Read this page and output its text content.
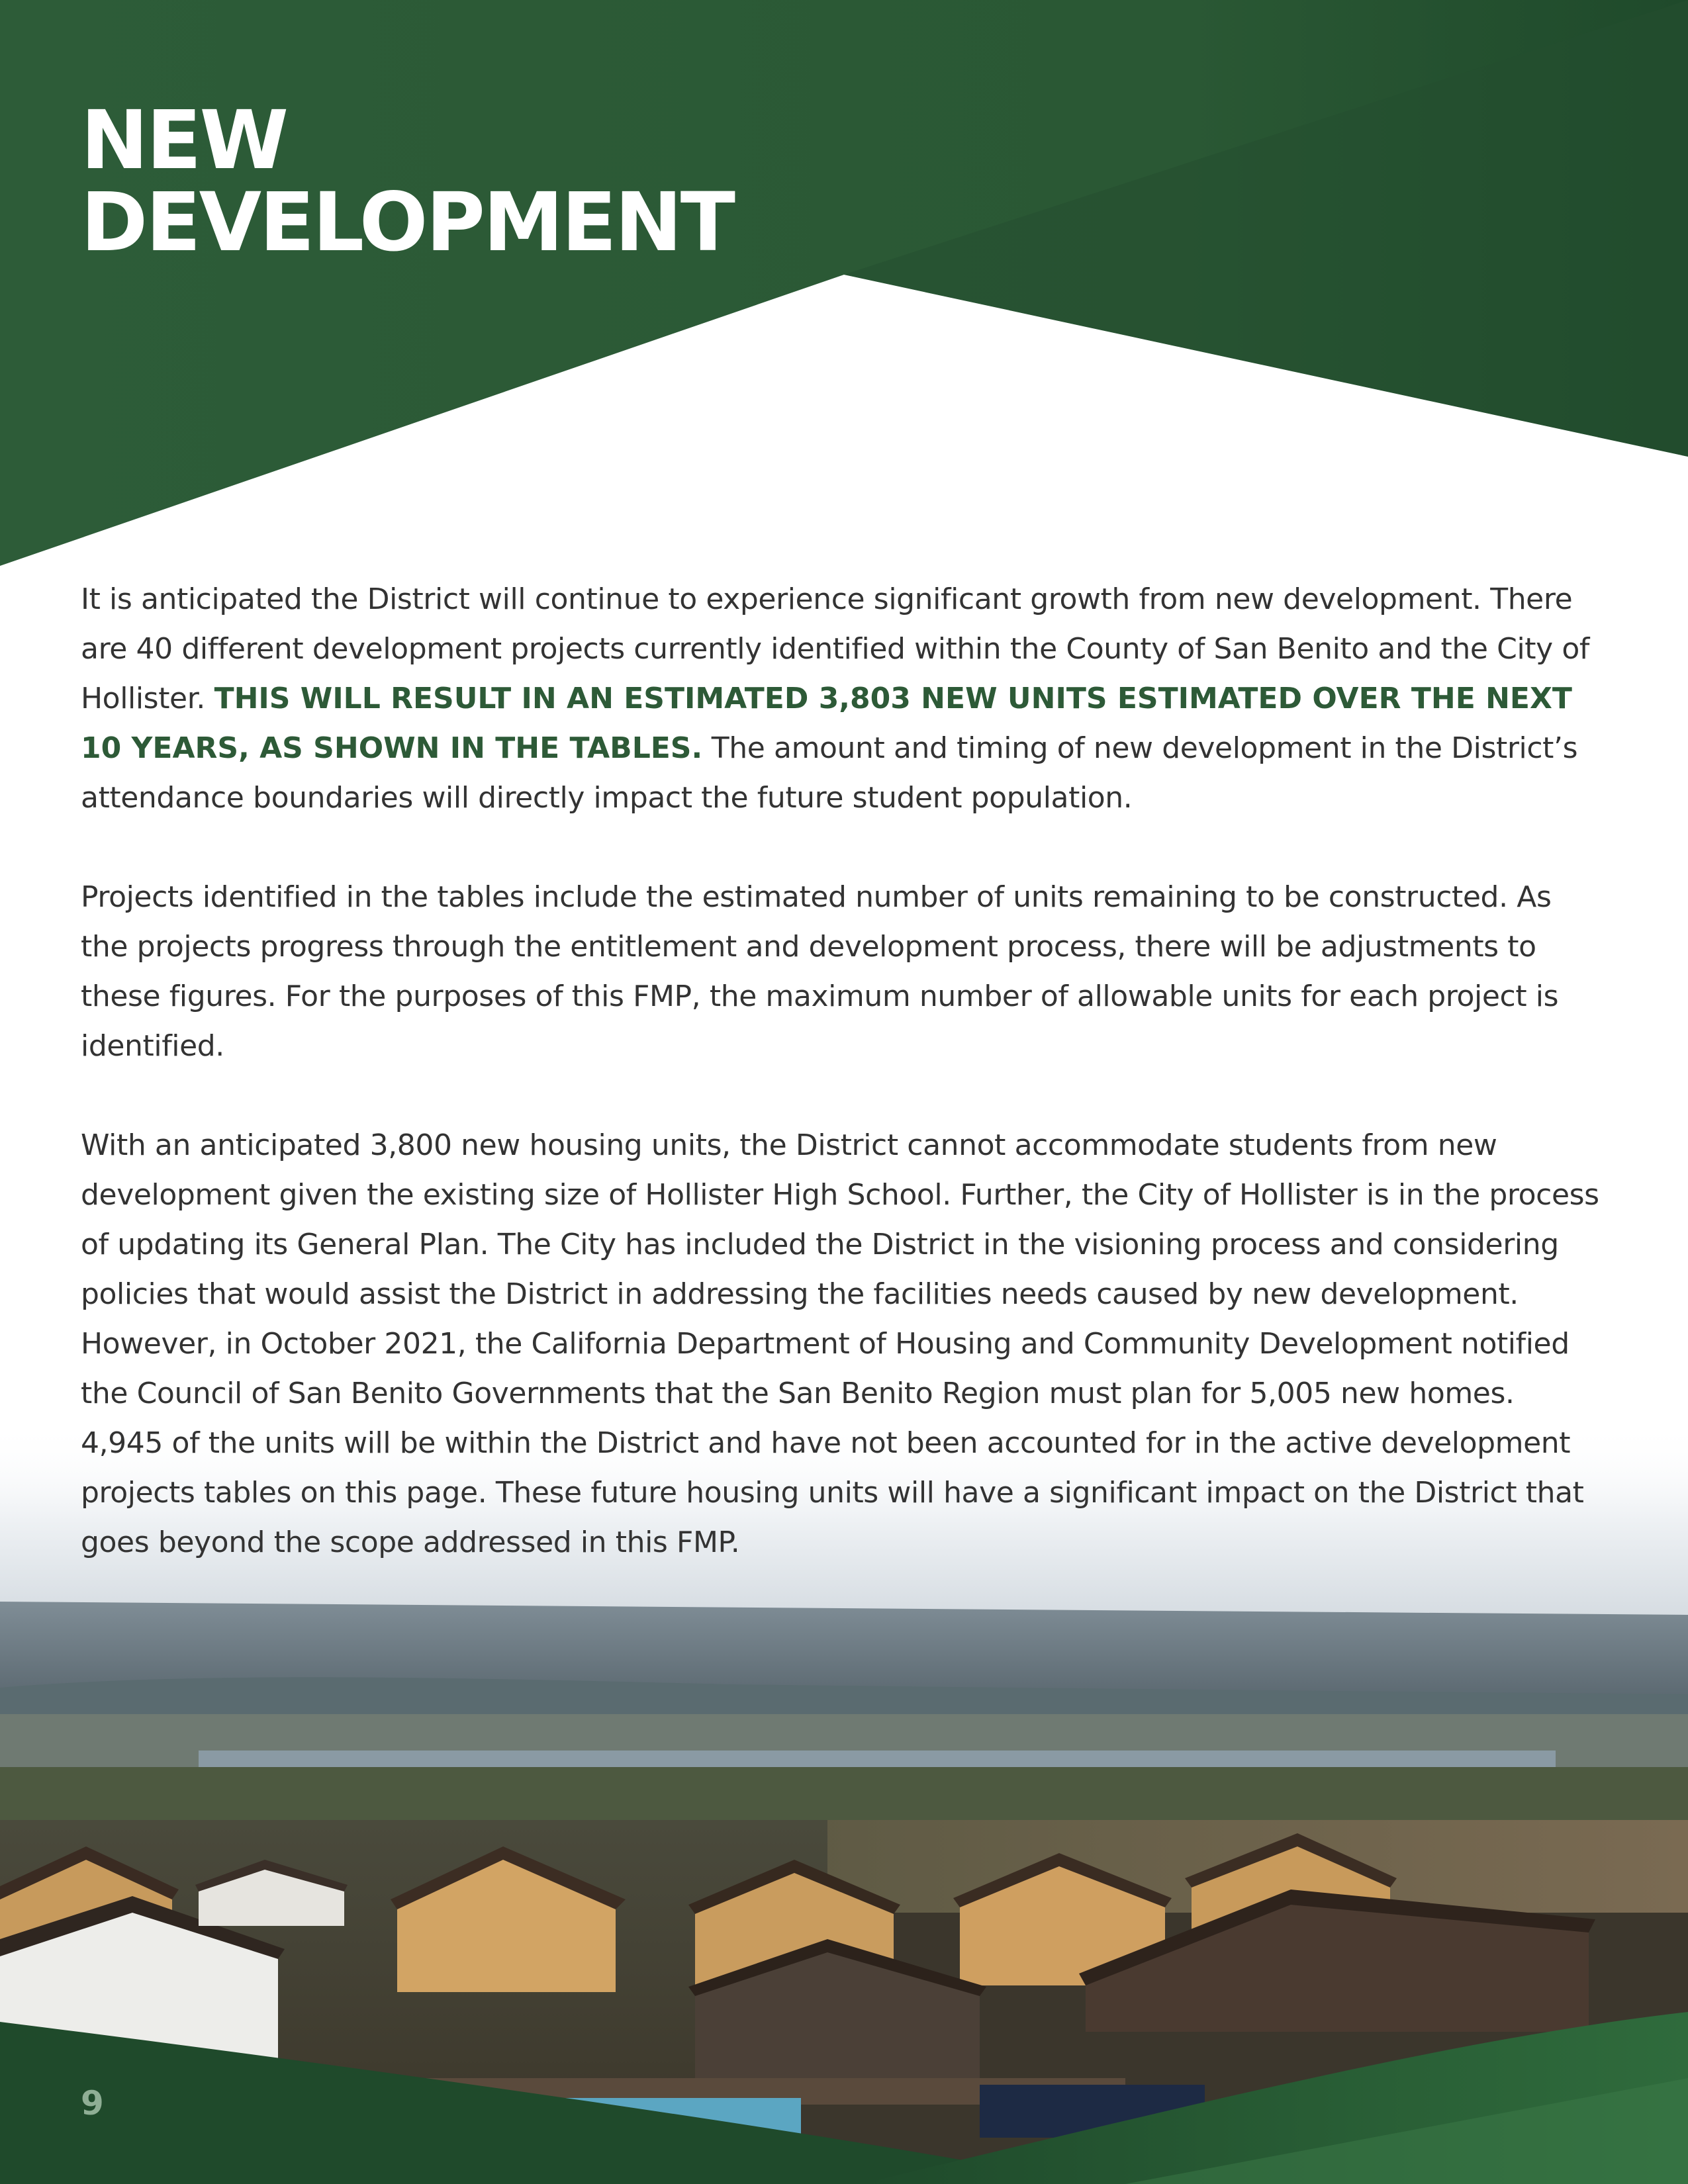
NEW
DEVELOPMENT

It is anticipated the District will continue to experience significant growth from new development. There are 40 different development projects currently identified within the County of San Benito and the City of Hollister. THIS WILL RESULT IN AN ESTIMATED 3,803 NEW UNITS ESTIMATED OVER THE NEXT 10 YEARS, AS SHOWN IN THE TABLES. The amount and timing of new development in the District’s attendance boundaries will directly impact the future student population.

Projects identified in the tables include the estimated number of units remaining to be constructed. As the projects progress through the entitlement and development process, there will be adjustments to these figures. For the purposes of this FMP, the maximum number of allowable units for each project is identified.

With an anticipated 3,800 new housing units, the District cannot accommodate students from new development given the existing size of Hollister High School. Further, the City of Hollister is in the process of updating its General Plan. The City has included the District in the visioning process and considering policies that would assist the District in addressing the facilities needs caused by new development. However, in October 2021, the California Department of Housing and Community Development notified the Council of San Benito Governments that the San Benito Region must plan for 5,005 new homes. 4,945 of the units will be within the District and have not been accounted for in the active development projects tables on this page. These future housing units will have a significant impact on the District that goes beyond the scope addressed in this FMP.

9
